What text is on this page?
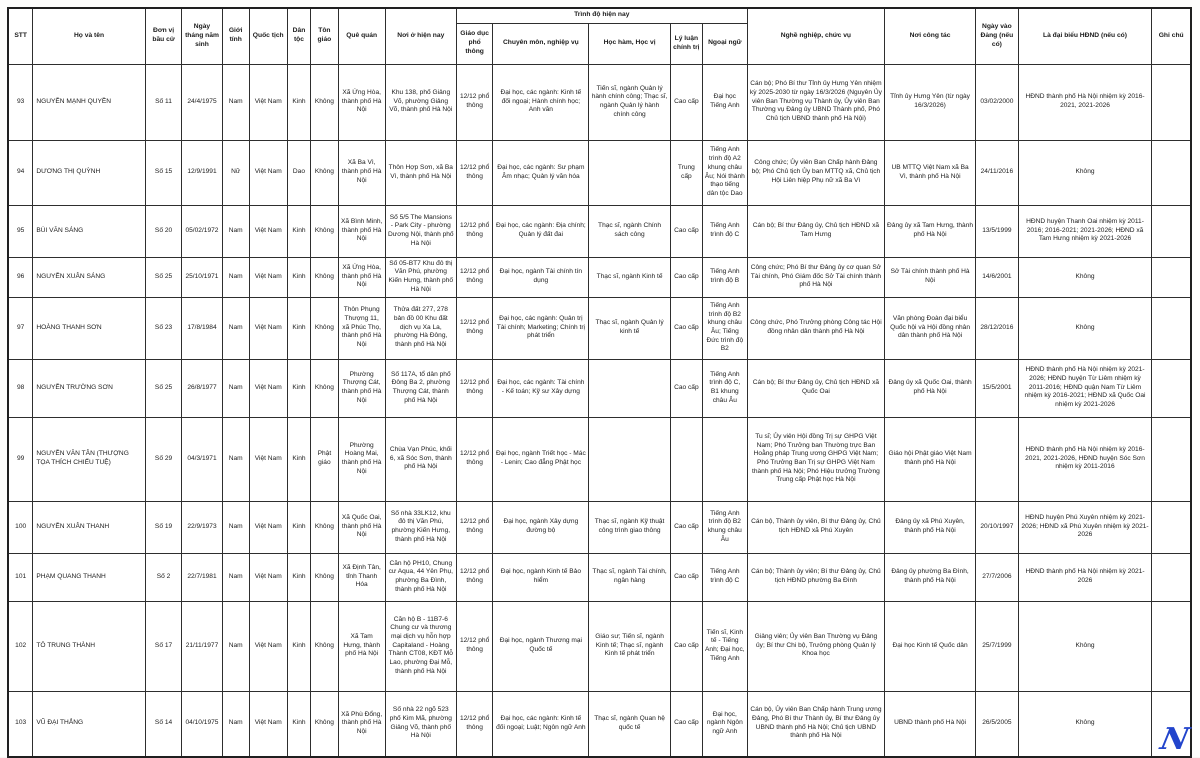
STT	Họ và tên	Đơn vị bầu cử	Ngày tháng năm sinh	Giới tính	Quốc tịch	Dân tộc	Tôn giáo	Quê quán	Nơi ở hiện nay	Trình độ hiện nay					Nghề nghiệp, chức vụ	Nơi công tác	Ngày vào Đảng (nếu có)	Là đại biểu HĐND (nếu có)	Ghi chú
										Giáo dục phổ thông	Chuyên môn, nghiệp vụ	Học hàm, Học vị	Lý luận chính trị	Ngoại ngữ					
93	NGUYỄN MẠNH QUYỀN	Số 11	24/4/1975	Nam	Việt Nam	Kinh	Không	Xã Ứng Hòa, thành phố Hà Nội	Khu 138, phố Giảng Võ, phường Giảng Võ, thành phố Hà Nội	12/12 phổ thông	Đại học, các ngành: Kinh tế đối ngoại; Hành chính học; Anh văn	Tiến sĩ, ngành Quản lý hành chính công; Thạc sĩ, ngành Quản lý hành chính công	Cao cấp	Đại học Tiếng Anh	Cán bộ; Phó Bí thư Tỉnh ủy Hưng Yên nhiệm kỳ 2025-2030 từ ngày 16/3/2026 (Nguyên Ủy viên Ban Thường vụ Thành ủy, Ủy viên Ban Thường vụ Đảng ủy UBND Thành phố, Phó Chủ tịch UBND thành phố Hà Nội)	Tỉnh ủy Hưng Yên (từ ngày 16/3/2026)	03/02/2000	HĐND thành phố Hà Nội nhiệm kỳ 2016-2021, 2021-2026	
94	DƯƠNG THỊ QUỲNH	Số 15	12/9/1991	Nữ	Việt Nam	Dao	Không	Xã Ba Vì, thành phố Hà Nội	Thôn Hợp Sơn, xã Ba Vì, thành phố Hà Nội	12/12 phổ thông	Đại học, các ngành: Sư phạm Âm nhạc; Quản lý văn hóa		Trung cấp	Tiếng Anh trình độ A2 khung châu Âu; Nói thành thạo tiếng dân tộc Dao	Công chức; Ủy viên Ban Chấp hành Đảng bộ; Phó Chủ tịch Ủy ban MTTQ xã, Chủ tịch Hội Liên hiệp Phụ nữ xã Ba Vì	UB MTTQ Việt Nam xã Ba Vì, thành phố Hà Nội	24/11/2016	Không	
95	BÙI VĂN SÁNG	Số 20	05/02/1972	Nam	Việt Nam	Kinh	Không	Xã Bình Minh, thành phố Hà Nội	Số 5/5 The Mansions - Park City - phường Dương Nội, thành phố Hà Nội	12/12 phổ thông	Đại học, các ngành: Địa chính; Quản lý đất đai	Thạc sĩ, ngành Chính sách công	Cao cấp	Tiếng Anh trình độ C	Cán bộ; Bí thư Đảng ủy, Chủ tịch HĐND xã Tam Hưng	Đảng ủy xã Tam Hưng, thành phố Hà Nội	13/5/1999	HĐND huyện Thanh Oai nhiệm kỳ 2011-2016; 2016-2021; 2021-2026; HĐND xã Tam Hưng nhiệm kỳ 2021-2026	
96	NGUYỄN XUÂN SÁNG	Số 25	25/10/1971	Nam	Việt Nam	Kinh	Không	Xã Ứng Hòa, thành phố Hà Nội	Số 05-BT7 Khu đô thị Văn Phú, phường Kiến Hưng, thành phố Hà Nội	12/12 phổ thông	Đại học, ngành Tài chính tín dụng	Thạc sĩ, ngành Kinh tế	Cao cấp	Tiếng Anh trình độ B	Công chức; Phó Bí thư Đảng ủy cơ quan Sở Tài chính, Phó Giám đốc Sở Tài chính thành phố Hà Nội	Sở Tài chính thành phố Hà Nội	14/6/2001	Không	
97	HOÀNG THANH SƠN	Số 23	17/8/1984	Nam	Việt Nam	Kinh	Không	Thôn Phụng Thượng 11, xã Phúc Thọ, thành phố Hà Nội	Thửa đất 277, 278 bản đồ 00 Khu đất dịch vụ Xa La, phường Hà Đông, thành phố Hà Nội	12/12 phổ thông	Đại học, các ngành: Quản trị Tài chính; Marketing; Chính trị phát triển	Thạc sĩ, ngành Quản lý kinh tế	Cao cấp	Tiếng Anh trình độ B2 khung châu Âu; Tiếng Đức trình độ B2	Công chức, Phó Trưởng phòng Công tác Hội đồng nhân dân thành phố Hà Nội	Văn phòng Đoàn đại biểu Quốc hội và Hội đồng nhân dân thành phố Hà Nội	28/12/2016	Không	
98	NGUYỄN TRƯỜNG SƠN	Số 25	26/8/1977	Nam	Việt Nam	Kinh	Không	Phường Thượng Cát, thành phố Hà Nội	Số 117A, tổ dân phố Đông Ba 2, phường Thượng Cát, thành phố Hà Nội	12/12 phổ thông	Đại học, các ngành: Tài chính - Kế toán; Kỹ sư Xây dựng		Cao cấp	Tiếng Anh trình độ C, B1 khung châu Âu	Cán bộ; Bí thư Đảng ủy, Chủ tịch HĐND xã Quốc Oai	Đảng ủy xã Quốc Oai, thành phố Hà Nội	15/5/2001	HĐND thành phố Hà Nội nhiệm kỳ 2021-2026; HĐND huyện Từ Liêm nhiệm kỳ 2011-2016; HĐND quận Nam Từ Liêm nhiệm kỳ 2016-2021; HĐND xã Quốc Oai nhiệm kỳ 2021-2026	
99	NGUYỄN VĂN TÂN (THƯỢNG TỌA THÍCH CHIẾU TUỆ)	Số 29	04/3/1971	Nam	Việt Nam	Kinh	Phật giáo	Phường Hoàng Mai, thành phố Hà Nội	Chùa Vạn Phúc, khối 6, xã Sóc Sơn, thành phố Hà Nội	12/12 phổ thông	Đại học, ngành Triết học - Mác - Lenin; Cao đẳng Phật học				Tu sĩ; Ủy viên Hội đồng Trị sự GHPG Việt Nam; Phó Trưởng ban Thường trực Ban Hoằng pháp Trung ương GHPG Việt Nam; Phó Trưởng Ban Trị sự GHPG Việt Nam thành phố Hà Nội; Phó Hiệu trưởng Trường Trung cấp Phật học Hà Nội	Giáo hội Phật giáo Việt Nam thành phố Hà Nội		HĐND thành phố Hà Nội nhiệm kỳ 2016-2021, 2021-2026, HĐND huyện Sóc Sơn nhiệm kỳ 2011-2016	
100	NGUYỄN XUÂN THANH	Số 19	22/9/1973	Nam	Việt Nam	Kinh	Không	Xã Quốc Oai, thành phố Hà Nội	Số nhà 33LK12, khu đô thị Văn Phú, phường Kiến Hưng, thành phố Hà Nội	12/12 phổ thông	Đại học, ngành Xây dựng đường bộ	Thạc sĩ, ngành Kỹ thuật công trình giao thông	Cao cấp	Tiếng Anh trình độ B2 khung châu Âu	Cán bộ, Thành ủy viên, Bí thư Đảng ủy, Chủ tịch HĐND xã Phú Xuyên	Đảng ủy xã Phú Xuyên, thành phố Hà Nội	20/10/1997	HĐND huyện Phú Xuyên nhiệm kỳ 2021-2026; HĐND xã Phú Xuyên nhiệm kỳ 2021-2026	
101	PHẠM QUANG THANH	Số 2	22/7/1981	Nam	Việt Nam	Kinh	Không	Xã Định Tân, tỉnh Thanh Hóa	Căn hộ PH10, Chung cư Aqua, 44 Yên Phụ, phường Ba Đình, thành phố Hà Nội	12/12 phổ thông	Đại học, ngành Kinh tế Bảo hiểm	Thạc sĩ, ngành Tài chính, ngân hàng	Cao cấp	Tiếng Anh trình độ C	Cán bộ; Thành ủy viên; Bí thư Đảng ủy, Chủ tịch HĐND phường Ba Đình	Đảng ủy phường Ba Đình, thành phố Hà Nội	27/7/2006	HĐND thành phố Hà Nội nhiệm kỳ 2021-2026	
102	TÔ TRUNG THÀNH	Số 17	21/11/1977	Nam	Việt Nam	Kinh	Không	Xã Tam Hưng, thành phố Hà Nội	Căn hộ B - 11B7-6 Chung cư và thương mại dịch vụ hỗn hợp Capitaland - Hoàng Thành CT08, KĐT Mỗ Lao, phường Đại Mỗ, thành phố Hà Nội	12/12 phổ thông	Đại học, ngành Thương mại Quốc tế	Giáo sư; Tiến sĩ, ngành Kinh tế; Thạc sĩ, ngành Kinh tế phát triển	Cao cấp	Tiến sĩ, Kinh tế - Tiếng Anh; Đại học, Tiếng Anh	Giảng viên; Ủy viên Ban Thường vụ Đảng ủy; Bí thư Chi bộ, Trưởng phòng Quản lý Khoa học	Đại học Kinh tế Quốc dân	25/7/1999	Không	
103	VŨ ĐẠI THẮNG	Số 14	04/10/1975	Nam	Việt Nam	Kinh	Không	Xã Phù Đổng, thành phố Hà Nội	Số nhà 22 ngõ 523 phố Kim Mã, phường Giảng Võ, thành phố Hà Nội	12/12 phổ thông	Đại học, các ngành: Kinh tế đối ngoại; Luật; Ngôn ngữ Anh	Thạc sĩ, ngành Quan hệ quốc tế	Cao cấp	Đại học, ngành Ngôn ngữ Anh	Cán bộ, Ủy viên Ban Chấp hành Trung ương Đảng, Phó Bí thư Thành ủy, Bí thư Đảng ủy UBND thành phố Hà Nội; Chủ tịch UBND thành phố Hà Nội	UBND thành phố Hà Nội	26/5/2005	Không	N
